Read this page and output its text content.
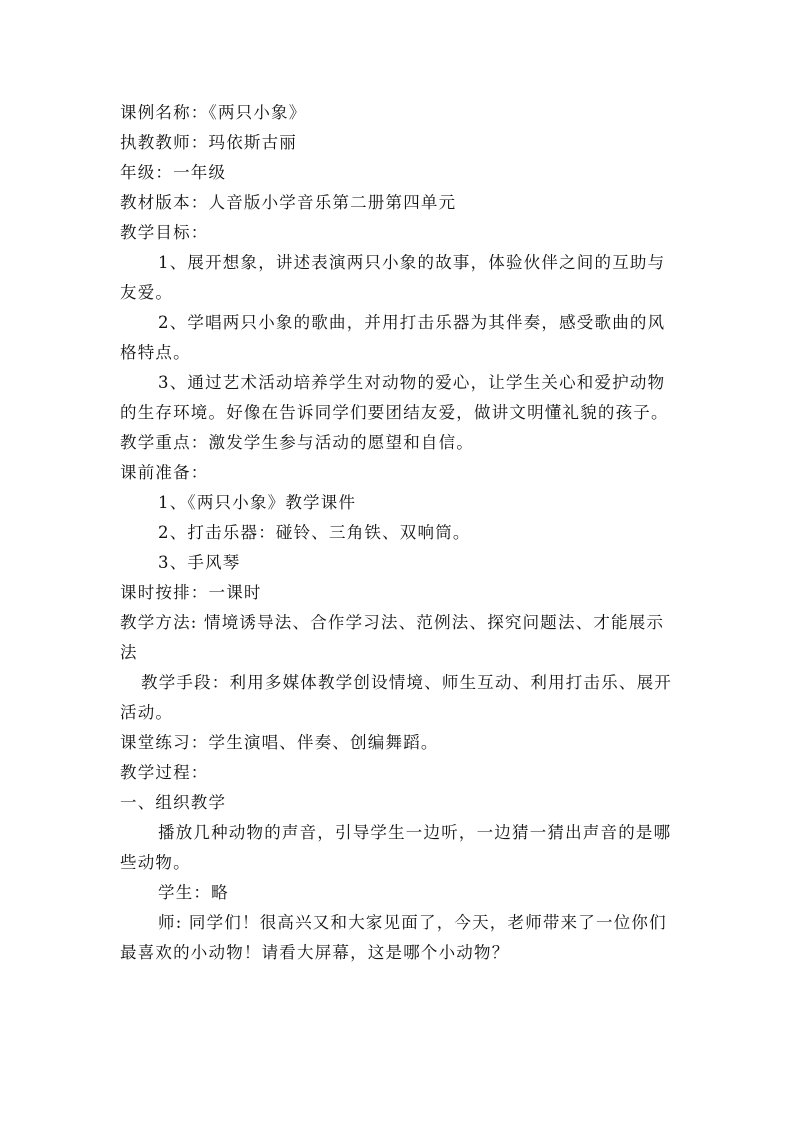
课例名称：《两只小象》

执教教师：玛依斯古丽

年级：一年级

教材版本：人音版小学音乐第二册第四单元

教学目标：

1、展开想象，讲述表演两只小象的故事，体验伙伴之间的互助与友爱。

2、学唱两只小象的歌曲，并用打击乐器为其伴奏，感受歌曲的风格特点。

3、通过艺术活动培养学生对动物的爱心，让学生关心和爱护动物的生存环境。好像在告诉同学们要团结友爱，做讲文明懂礼貌的孩子。

教学重点：激发学生参与活动的愿望和自信。

课前准备：

1、《两只小象》教学课件

2、打击乐器：碰铃、三角铁、双响筒。

3、手风琴

课时按排：一课时

教学方法: 情境诱导法、合作学习法、范例法、探究问题法、才能展示法

教学手段：利用多媒体教学创设情境、师生互动、利用打击乐、展开活动。

课堂练习：学生演唱、伴奏、创编舞蹈。

教学过程：

一、组织教学

播放几种动物的声音，引导学生一边听，一边猜一猜出声音的是哪些动物。

学生：略

师: 同学们！很高兴又和大家见面了，今天，老师带来了一位你们最喜欢的小动物！请看大屏幕，这是哪个小动物？
